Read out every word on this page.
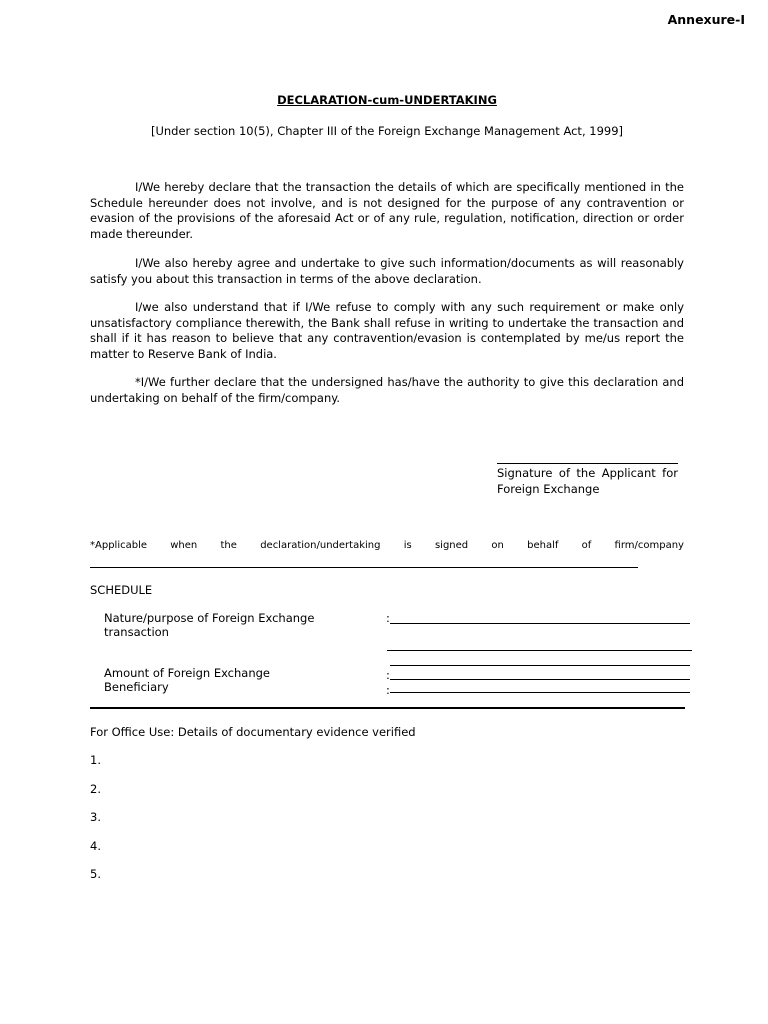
Annexure-I
DECLARATION-cum-UNDERTAKING
[Under section 10(5), Chapter III of the Foreign Exchange Management Act, 1999]

I/We hereby declare that the transaction the details of which are specifically mentioned in the Schedule hereunder does not involve, and is not designed for the purpose of any contravention or evasion of the provisions of the aforesaid Act or of any rule, regulation, notification, direction or order made thereunder.

I/We also hereby agree and undertake to give such information/documents as will reasonably satisfy you about this transaction in terms of the above declaration.

I/we also understand that if I/We refuse to comply with any such requirement or make only unsatisfactory compliance therewith, the Bank shall refuse in writing to undertake the transaction and shall if it has reason to believe that any contravention/evasion is contemplated by me/us report the matter to Reserve Bank of India.

*I/We further declare that the undersigned has/have the authority to give this declaration and undertaking on behalf of the firm/company.

Signature of the Applicant for Foreign Exchange
*Applicable when the declaration/undertaking is signed on behalf of firm/company
SCHEDULE
Nature/purpose of Foreign Exchange
transaction
:
Amount of Foreign Exchange
Beneficiary
:
:
For Office Use: Details of documentary evidence verified
1.
2.
3.
4.
5.
